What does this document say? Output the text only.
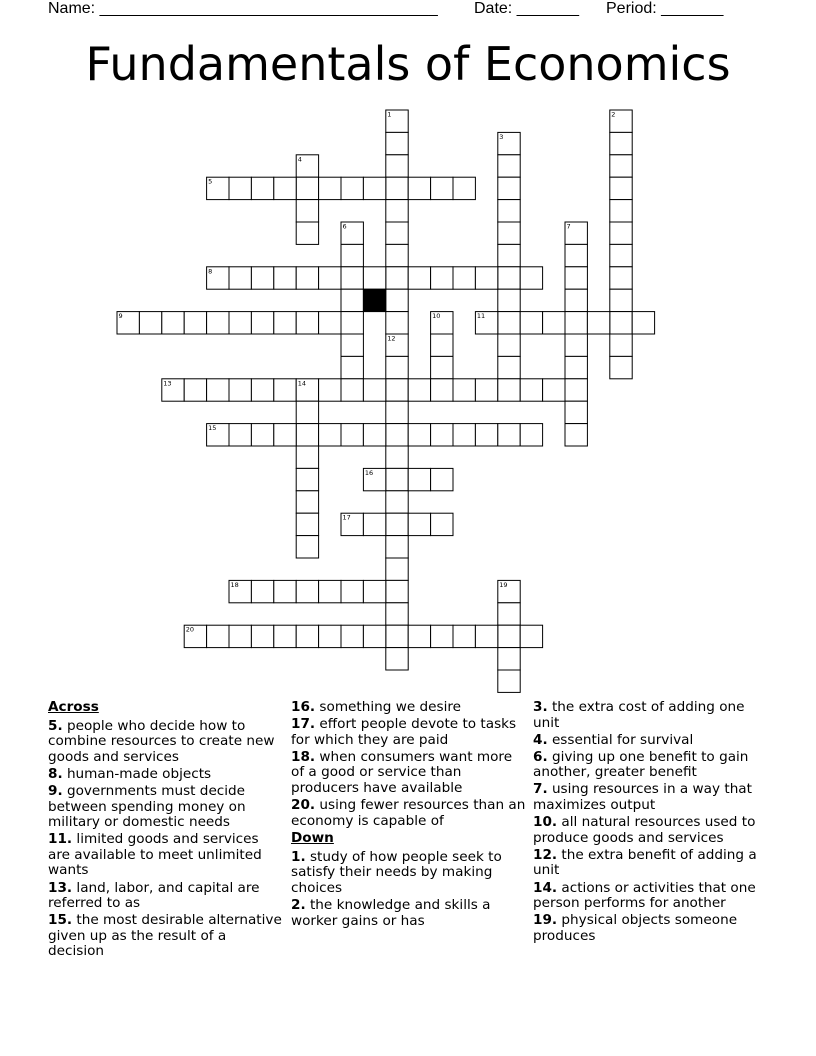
Name: ______________________________________ Date: _______ Period: _______
Fundamentals of Economics
1	2
3
4
5
6	7
8
9	10	11
12
13	14
15
16
17
18	19
20
Across
5. people who decide how to combine resources to create new goods and services
8. human-made objects
9. governments must decide between spending money on military or domestic needs
11. limited goods and services are available to meet unlimited wants
13. land, labor, and capital are referred to as
15. the most desirable alternative given up as the result of a decision
16. something we desire
17. effort people devote to tasks for which they are paid
18. when consumers want more of a good or service than producers have available
20. using fewer resources than an economy is capable of
Down
1. study of how people seek to satisfy their needs by making choices
2. the knowledge and skills a worker gains or has
3. the extra cost of adding one unit
4. essential for survival
6. giving up one benefit to gain another, greater benefit
7. using resources in a way that maximizes output
10. all natural resources used to produce goods and services
12. the extra benefit of adding a unit
14. actions or activities that one person performs for another
19. physical objects someone produces
